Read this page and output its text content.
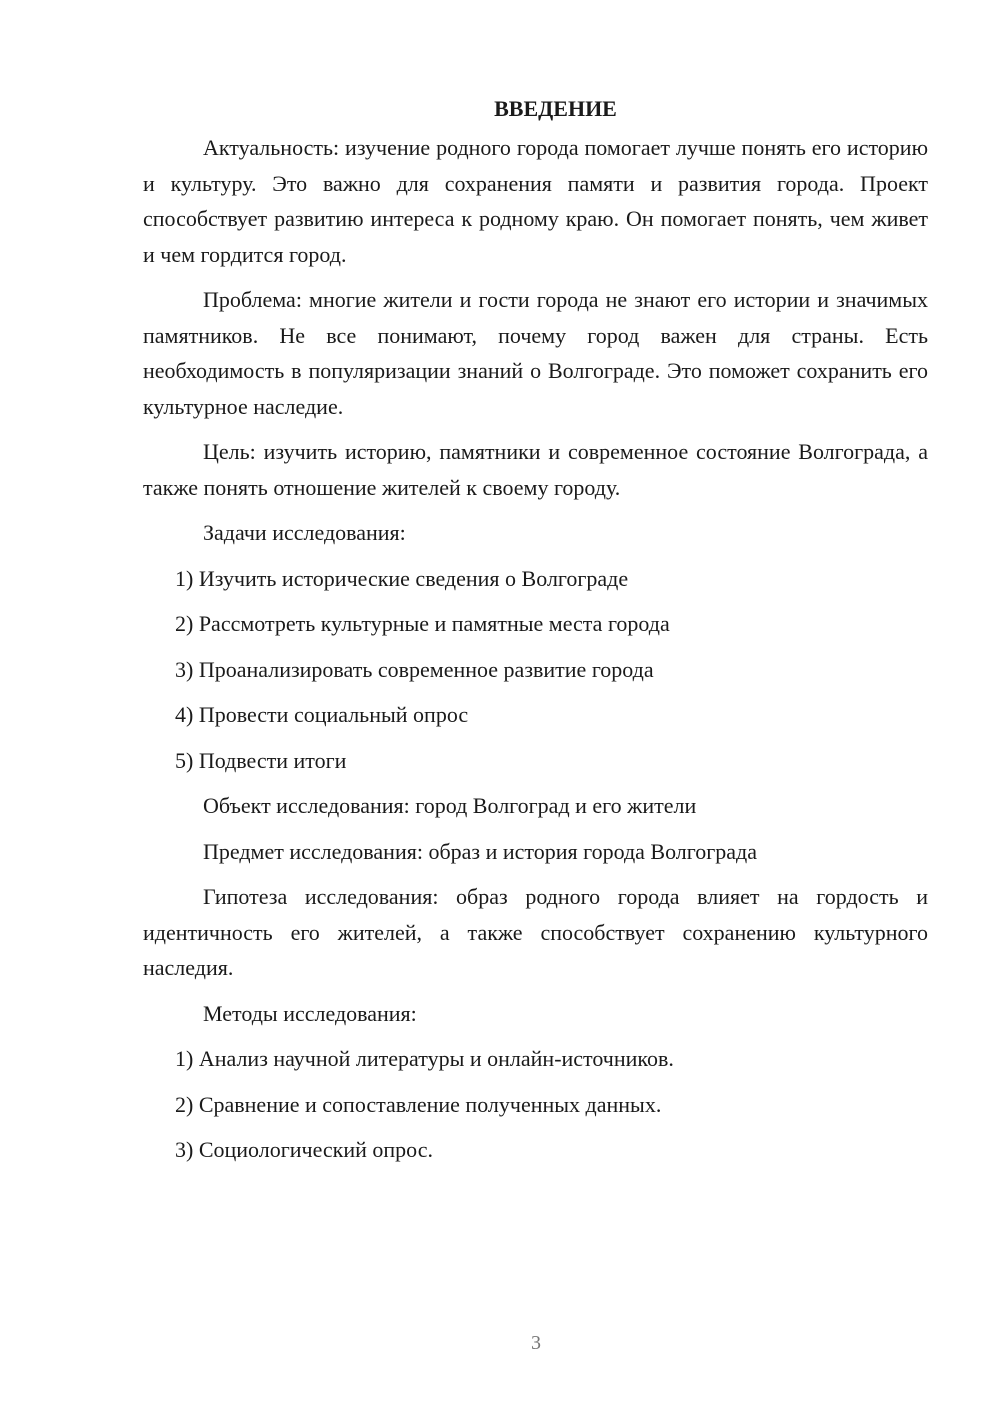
ВВЕДЕНИЕ

Актуальность: изучение родного города помогает лучше понять его историю и культуру. Это важно для сохранения памяти и развития города. Проект способствует развитию интереса к родному краю. Он помогает понять, чем живет и чем гордится город.

Проблема: многие жители и гости города не знают его истории и значимых памятников. Не все понимают, почему город важен для страны. Есть необходимость в популяризации знаний о Волгограде. Это поможет сохранить его культурное наследие.

Цель: изучить историю, памятники и современное состояние Волгограда, а также понять отношение жителей к своему городу.

Задачи исследования:
1) Изучить исторические сведения о Волгограде
2) Рассмотреть культурные и памятные места города
3) Проанализировать современное развитие города
4) Провести социальный опрос
5) Подвести итоги
Объект исследования: город Волгоград и его жители
Предмет исследования: образ и история города Волгограда

Гипотеза исследования: образ родного города влияет на гордость и идентичность его жителей, а также способствует сохранению культурного наследия.

Методы исследования:
1) Анализ научной литературы и онлайн-источников.
2) Сравнение и сопоставление полученных данных.
3) Социологический опрос.
3
